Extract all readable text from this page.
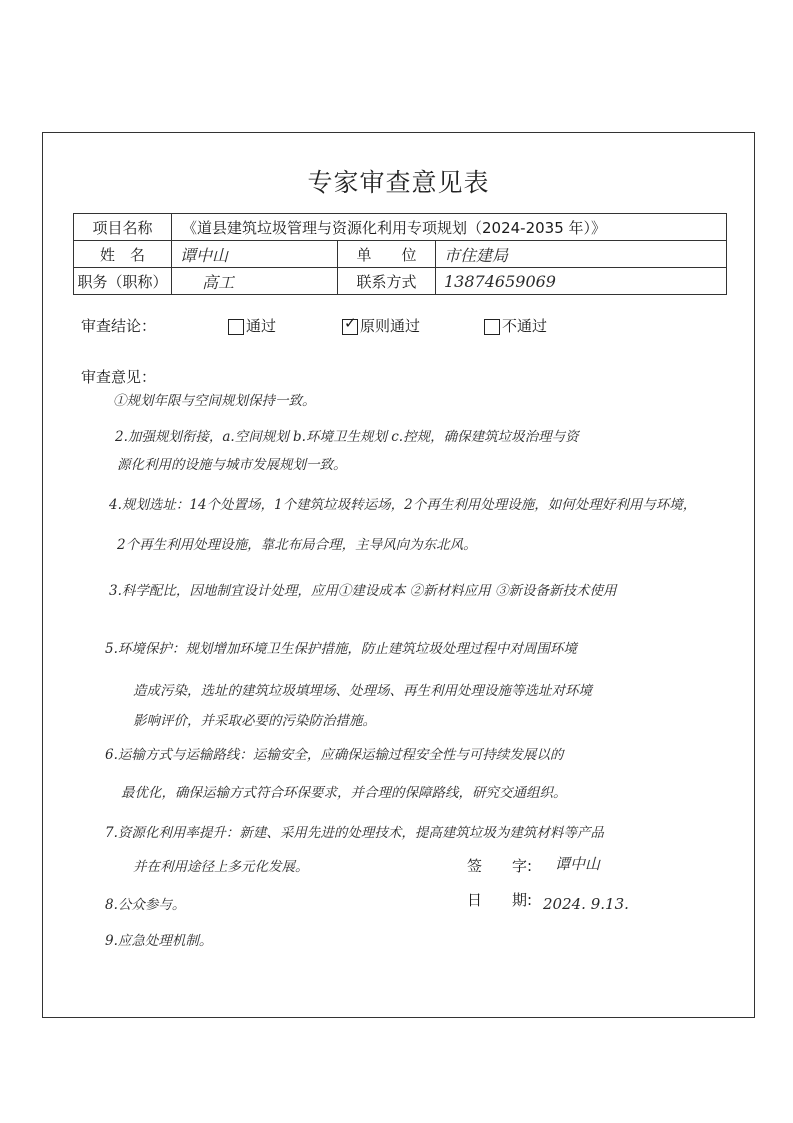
专家审查意见表
项目名称	《道县建筑垃圾管理与资源化利用专项规划（2024-2035 年）》
姓　名	谭中山	单　　位	市住建局
职务（职称）	高工	联系方式	13874659069
审查结论：	通过	✓ 原则通过	不通过
审查意见：
①规划年限与空间规划保持一致。
2.加强规划衔接，a.空间规划 b.环境卫生规划 c.控规，确保建筑垃圾治理与资
源化利用的设施与城市发展规划一致。
4.规划选址：14个处置场，1个建筑垃圾转运场，2个再生利用处理设施，如何处理好利用与环境，
2个再生利用处理设施，靠北布局合理，主导风向为东北风。
3.科学配比，因地制宜设计处理，应用①建设成本 ②新材料应用 ③新设备新技术使用
5.环境保护：规划增加环境卫生保护措施，防止建筑垃圾处理过程中对周围环境
造成污染，选址的建筑垃圾填埋场、处理场、再生利用处理设施等选址对环境
影响评价，并采取必要的污染防治措施。
6.运输方式与运输路线：运输安全，应确保运输过程安全性与可持续发展以的
最优化，确保运输方式符合环保要求，并合理的保障路线，研究交通组织。
7.资源化利用率提升：新建、采用先进的处理技术，提高建筑垃圾为建筑材料等产品
并在利用途径上多元化发展。
8.公众参与。
9.应急处理机制。
签　　字: 谭中山
日　　期: 2024. 9.13.
